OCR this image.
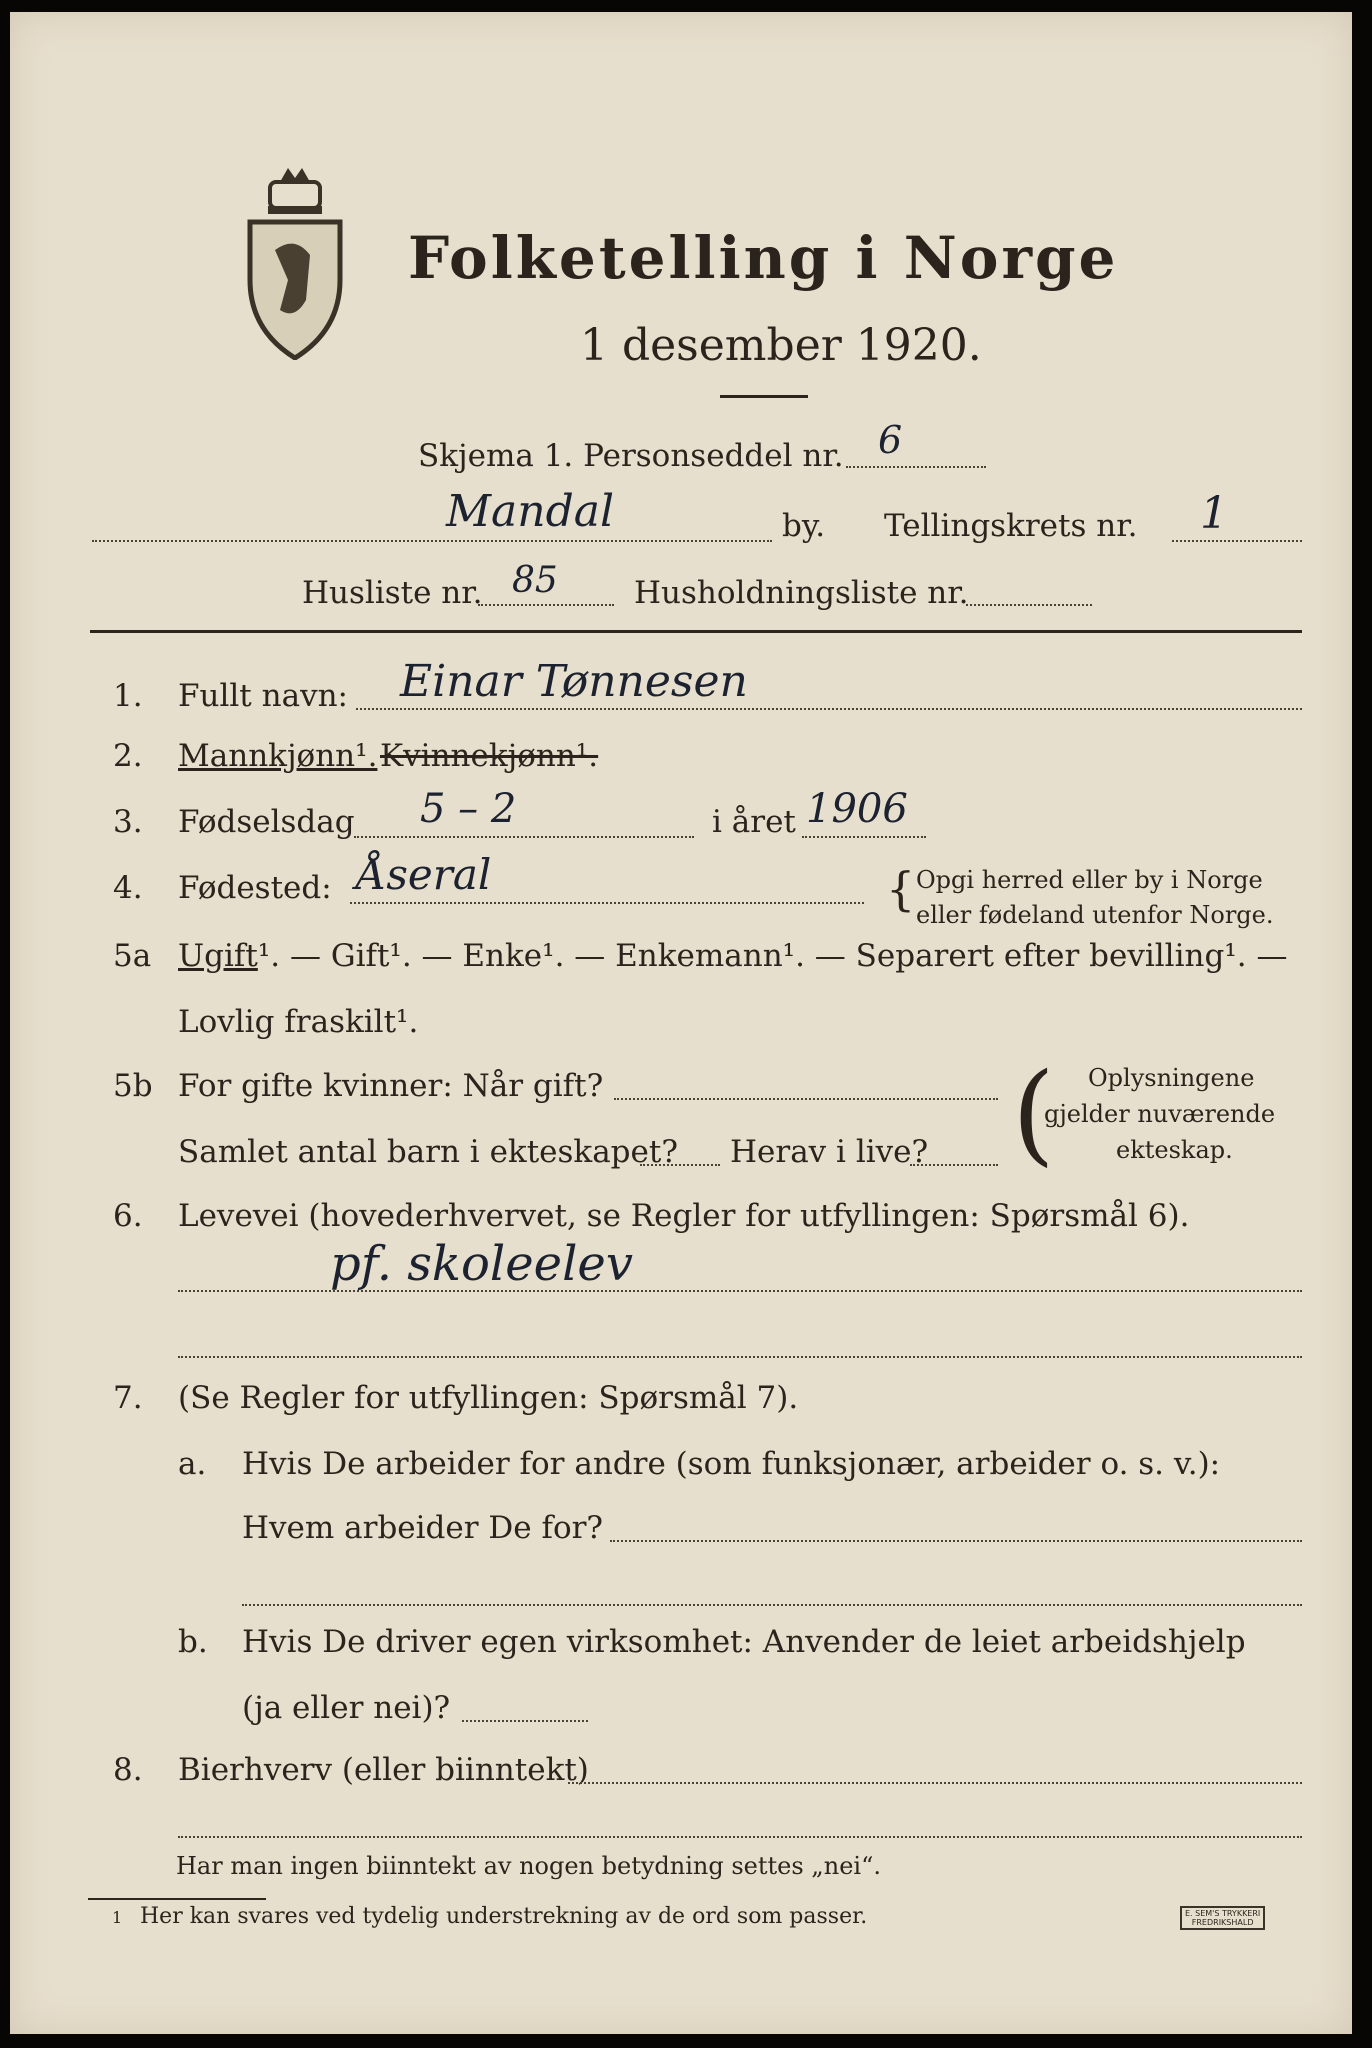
Folketelling i Norge
1 desember 1920.
Skjema 1. Personseddel nr. 6
Mandal	by. Tellingskrets nr. 1
Husliste nr. 85 Husholdningsliste nr.
1. Fullt navn: Einar Tønnesen
2. Mannkjønn¹. Kvinnekjønn¹.
3. Fødselsdag 5 – 2	i året 1906
4. Fødested: Åseral	{ Opgi herred eller by i Norge
eller fødeland utenfor Norge.
5a Ugift¹. — Gift¹. — Enke¹. — Enkemann¹. — Separert efter bevilling¹. —
Lovlig fraskilt¹.
5b For gifte kvinner: Når gift?
Samlet antal barn i ekteskapet? Herav i live? ( Oplysningene
gjelder nuværende
ekteskap.
6. Levevei (hovederhvervet, se Regler for utfyllingen: Spørsmål 6).
pf. skoleelev
7. (Se Regler for utfyllingen: Spørsmål 7).
a. Hvis De arbeider for andre (som funksjonær, arbeider o. s. v.):
Hvem arbeider De for?
b. Hvis De driver egen virksomhet: Anvender de leiet arbeidshjelp
(ja eller nei)?
8. Bierhverv (eller biinntekt)
Har man ingen biinntekt av nogen betydning settes „nei“.
1 Her kan svares ved tydelig understrekning av de ord som passer.	E. SEM'S TRYKKERI
FREDRIKSHALD
